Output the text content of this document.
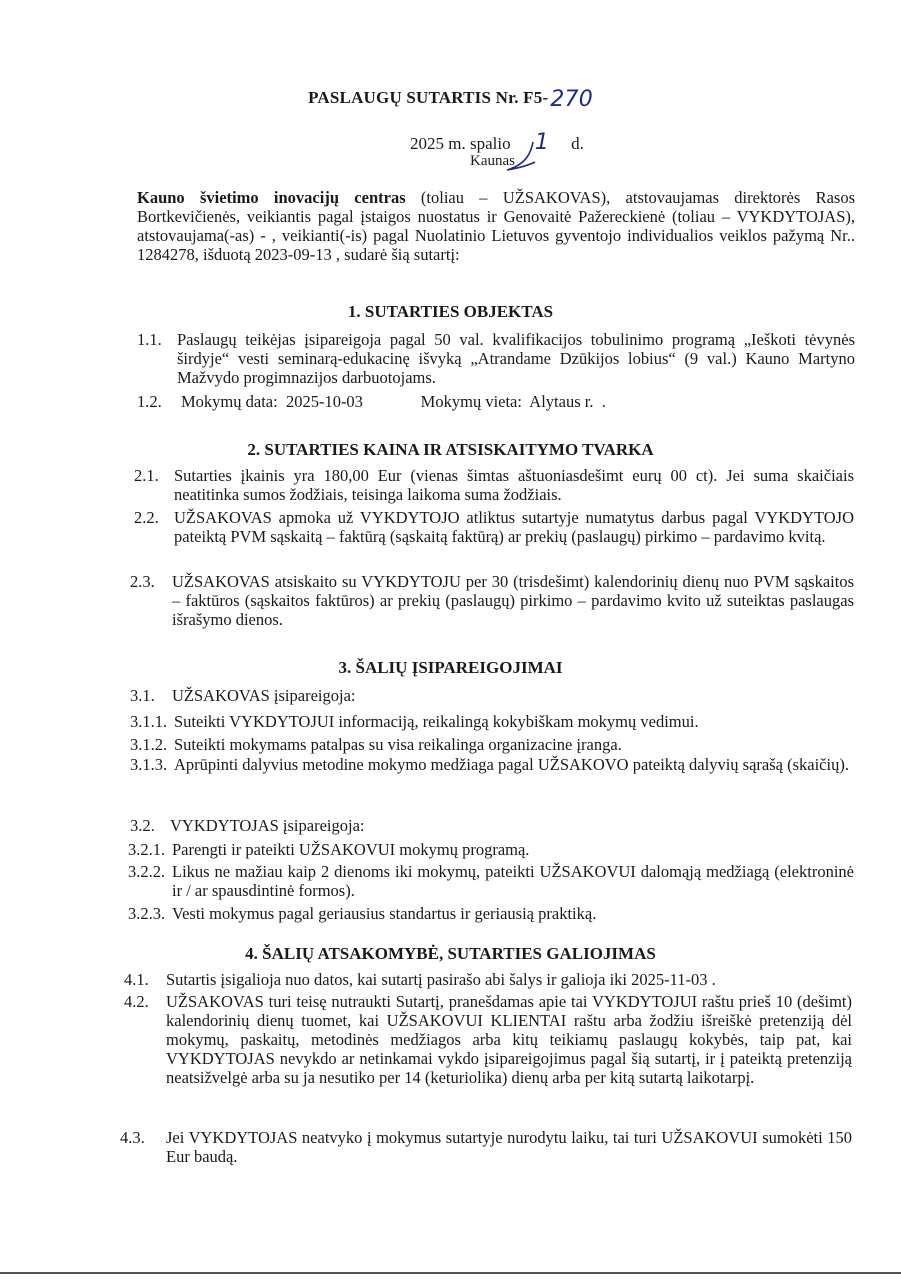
PASLAUGŲ SUTARTIS Nr. F5-270
2025 m. spalio 1 d.
Kaunas
Kauno švietimo inovacijų centras (toliau – UŽSAKOVAS), atstovaujamas direktorės Rasos Bortkevičienės, veikiantis pagal įstaigos nuostatus ir Genovaitė Pažereckienė (toliau – VYKDYTOJAS), atstovaujama(-as) - , veikianti(-is) pagal Nuolatinio Lietuvos gyventojo individualios veiklos pažymą Nr.. 1284278, išduotą 2023-09-13 , sudarė šią sutartį:
1. SUTARTIES OBJEKTAS
1.1. Paslaugų teikėjas įsipareigoja pagal 50 val. kvalifikacijos tobulinimo programą „Ieškoti tėvynės širdyje“ vesti seminarą-edukacinę išvyką „Atrandame Dzūkijos lobius“ (9 val.) Kauno Martyno Mažvydo progimnazijos darbuotojams.
1.2. Mokymų data:  2025-10-03              Mokymų vieta:  Alytaus r.  .
2. SUTARTIES KAINA IR ATSISKAITYMO TVARKA
2.1. Sutarties įkainis yra 180,00 Eur (vienas šimtas aštuoniasdešimt eurų 00 ct). Jei suma skaičiais neatitinka sumos žodžiais, teisinga laikoma suma žodžiais.
2.2. UŽSAKOVAS apmoka už VYKDYTOJO atliktus sutartyje numatytus darbus pagal VYKDYTOJO pateiktą PVM sąskaitą – faktūrą (sąskaitą faktūrą) ar prekių (paslaugų) pirkimo – pardavimo kvitą.
2.3. UŽSAKOVAS atsiskaito su VYKDYTOJU per 30 (trisdešimt) kalendorinių dienų nuo PVM sąskaitos – faktūros (sąskaitos faktūros) ar prekių (paslaugų) pirkimo – pardavimo kvito už suteiktas paslaugas išrašymo dienos.
3. ŠALIŲ ĮSIPAREIGOJIMAI
3.1. UŽSAKOVAS įsipareigoja:
3.1.1. Suteikti VYKDYTOJUI informaciją, reikalingą kokybiškam mokymų vedimui.
3.1.2. Suteikti mokymams patalpas su visa reikalinga organizacine įranga.
3.1.3. Aprūpinti dalyvius metodine mokymo medžiaga pagal UŽSAKOVO pateiktą dalyvių sąrašą (skaičių).
3.2. VYKDYTOJAS įsipareigoja:
3.2.1. Parengti ir pateikti UŽSAKOVUI mokymų programą.
3.2.2. Likus ne mažiau kaip 2 dienoms iki mokymų, pateikti UŽSAKOVUI dalomąją medžiagą (elektroninė ir / ar spausdintinė formos).
3.2.3. Vesti mokymus pagal geriausius standartus ir geriausią praktiką.
4. ŠALIŲ ATSAKOMYBĖ, SUTARTIES GALIOJIMAS
4.1. Sutartis įsigalioja nuo datos, kai sutartį pasirašo abi šalys ir galioja iki 2025-11-03 .
4.2. UŽSAKOVAS turi teisę nutraukti Sutartį, pranešdamas apie tai VYKDYTOJUI raštu prieš 10 (dešimt) kalendorinių dienų tuomet, kai UŽSAKOVUI KLIENTAI raštu arba žodžiu išreiškė pretenziją dėl mokymų, paskaitų, metodinės medžiagos arba kitų teikiamų paslaugų kokybės, taip pat, kai VYKDYTOJAS nevykdo ar netinkamai vykdo įsipareigojimus pagal šią sutartį, ir į pateiktą pretenziją neatsižvelgė arba su ja nesutiko per 14 (keturiolika) dienų arba per kitą sutartą laikotarpį.
4.3. Jei VYKDYTOJAS neatvyko į mokymus sutartyje nurodytu laiku, tai turi UŽSAKOVUI sumokėti 150 Eur baudą.
